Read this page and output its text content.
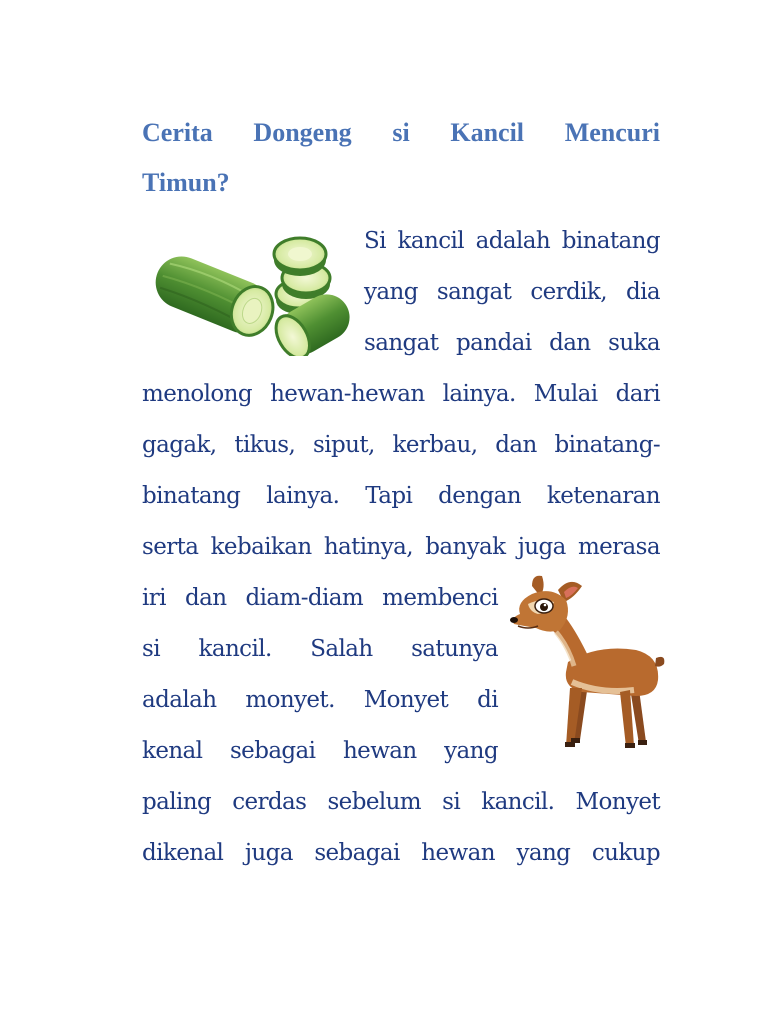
Cerita Dongeng si Kancil Mencuri
Timun?
Si kancil adalah binatang
yang sangat cerdik, dia
sangat pandai dan suka
menolong hewan-hewan lainya. Mulai dari
gagak, tikus, siput, kerbau, dan binatang-
binatang lainya. Tapi dengan ketenaran
serta kebaikan hatinya, banyak juga merasa
iri dan diam-diam membenci
si kancil. Salah satunya
adalah monyet. Monyet di
kenal sebagai hewan yang
paling cerdas sebelum si kancil. Monyet
dikenal juga sebagai hewan yang cukup
